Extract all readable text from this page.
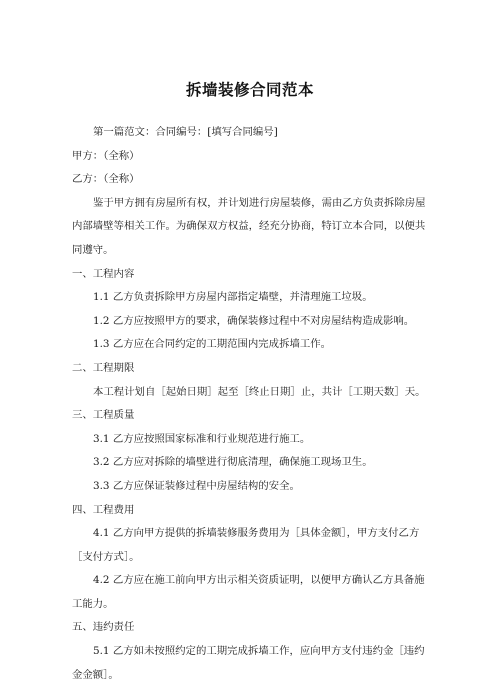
拆墙装修合同范本

第一篇范文：合同编号：[填写合同编号]

甲方：（全称）

乙方：（全称）

鉴于甲方拥有房屋所有权，并计划进行房屋装修，需由乙方负责拆除房屋内部墙壁等相关工作。为确保双方权益，经充分协商，特订立本合同，以便共同遵守。

一、工程内容

1.1 乙方负责拆除甲方房屋内部指定墙壁，并清理施工垃圾。

1.2 乙方应按照甲方的要求，确保装修过程中不对房屋结构造成影响。

1.3 乙方应在合同约定的工期范围内完成拆墙工作。

二、工程期限

本工程计划自［起始日期］起至［终止日期］止，共计［工期天数］天。

三、工程质量

3.1 乙方应按照国家标准和行业规范进行施工。

3.2 乙方应对拆除的墙壁进行彻底清理，确保施工现场卫生。

3.3 乙方应保证装修过程中房屋结构的安全。

四、工程费用

4.1 乙方向甲方提供的拆墙装修服务费用为［具体金额］，甲方支付乙方［支付方式］。

4.2 乙方应在施工前向甲方出示相关资质证明，以便甲方确认乙方具备施工能力。

五、违约责任

5.1 乙方如未按照约定的工期完成拆墙工作，应向甲方支付违约金［违约金金额］。
